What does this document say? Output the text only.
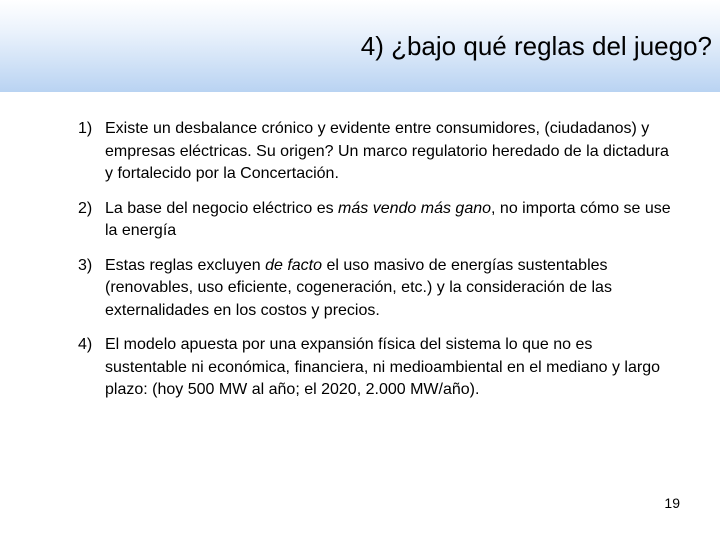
4) ¿bajo qué reglas del juego?
1) Existe un desbalance crónico y evidente entre consumidores, (ciudadanos) y empresas eléctricas. Su origen? Un marco regulatorio heredado de la dictadura y fortalecido por la Concertación.
2) La base del negocio eléctrico es más vendo más gano, no importa cómo se use la energía
3) Estas reglas excluyen de facto el uso masivo de energías sustentables (renovables, uso eficiente, cogeneración, etc.) y la consideración de las externalidades en los costos y precios.
4) El modelo apuesta por una expansión física del sistema lo que no es sustentable ni económica, financiera, ni medioambiental en el mediano y largo plazo: (hoy 500 MW al año; el 2020, 2.000 MW/año).
19
